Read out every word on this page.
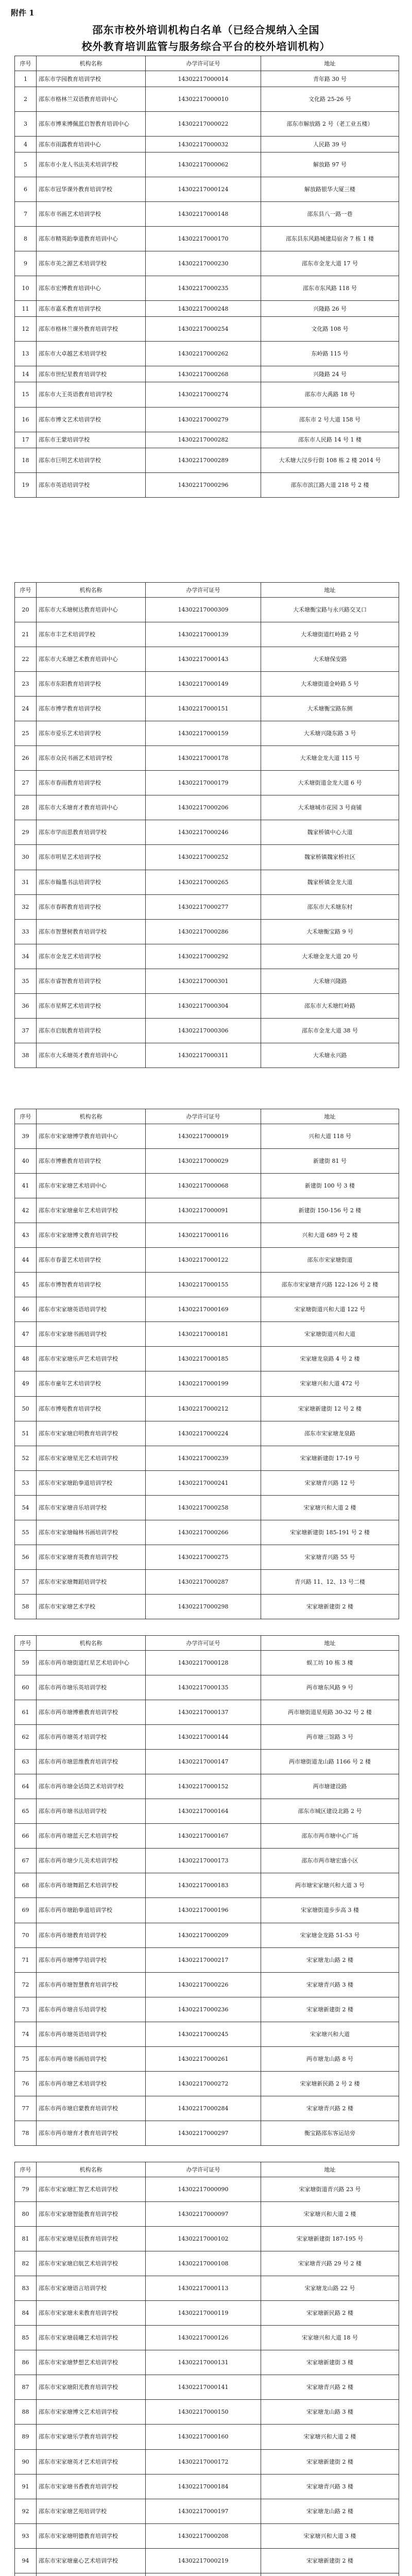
附件 1
邵东市校外培训机构白名单（已经合规纳入全国
校外教育培训监管与服务综合平台的校外培训机构）
序号	机构名称	办学许可证号	地址
1	邵东市学园教育培训学校	14302217000014	青年路 30 号
2	邵东市格林兰双语教育培训中心	14302217000010	文化路 25-26 号
3	邵东市博来博佩蓝启智教育培训中心	14302217000022	邵东市解放路 2 号（老工业五楼）
4	邵东市雨露教育培训中心	14302217000032	人民路 39 号
5	邵东市小龙人书法美术培训学校	14302217000062	解放路 97 号
6	邵东市冠华课外教育培训学校	14302217000124	解放路银华大厦三楼
7	邵东市书画艺术培训学校	14302217000148	邵东县八一路一巷
8	邵东市精英跆拳道教育培训中心	14302217000170	邵东县东风路城建局宿舍 7 栋 1 楼
9	邵东市美之源艺术培训学校	14302217000230	邵东市金龙大道 17 号
10	邵东市宏博教育培训中心	14302217000235	邵东市东风路 118 号
11	邵东市嘉禾教育培训学校	14302217000248	兴隆路 26 号
12	邵东市格林兰课外教育培训学校	14302217000254	文化路 108 号
13	邵东市大卓越艺术培训学校	14302217000262	东岭路 115 号
14	邵东市世纪星教育培训学校	14302217000268	兴隆路 24 号
15	邵东市大王英语教育培训学校	14302217000274	邵东市大禹路 18 号
16	邵东市博文艺术培训学校	14302217000279	邵东市 2 号大道 158 号
17	邵东市王蒙培训学校	14302217000282	邵东市人民路 14 号 1 楼
18	邵东市巨明艺术培训学校	14302217000289	大禾塘大汉步行街 108 栋 2 楼 2014 号
19	邵东市英语培训学校	14302217000296	邵东市滨江路大道 218 号 2 楼
序号	机构名称	办学许可证号	地址
20	邵东市大禾塘树达教育培训中心	14302217000309	大禾塘衡宝路与永兴路交叉口
21	邵东市丰艺术培训学校	14302217000139	大禾塘街道红岭路 2 号
22	邵东市大禾塘艺术教育培训中心	14302217000143	大禾塘保安路
23	邵东市东阳教育培训学校	14302217000149	大禾塘街道金岭路 5 号
24	邵东市博学教育培训学校	14302217000151	大禾塘衡宝路东侧
25	邵东市爱乐艺术培训学校	14302217000159	大禾塘兴隆东路 3 号
26	邵东市众民书画艺术培训学校	14302217000178	大禾塘金龙大道 115 号
27	邵东市春雨教育培训学校	14302217000179	大禾塘街道金龙大道 6 号
28	邵东市大禾塘育才教育培训中心	14302217000206	大禾塘城市花园 3 号商铺
29	邵东市学而思教育培训学校	14302217000246	魏家桥镇中心大道
30	邵东市明星艺术培训学校	14302217000252	魏家桥镇魏家桥社区
31	邵东市翰墨书法培训学校	14302217000265	魏家桥镇金龙大道
32	邵东市春晖教育培训学校	14302217000277	邵东市大禾塘东村
33	邵东市智慧树教育培训学校	14302217000286	大禾塘衡宝路 9 号
34	邵东市金龙艺术培训学校	14302217000292	大禾塘金龙大道 20 号
35	邵东市睿智教育培训学校	14302217000301	大禾塘兴隆路
36	邵东市星辉艺术培训学校	14302217000304	邵东市大禾塘红岭路
37	邵东市启航教育培训学校	14302217000306	邵东市金龙大道 38 号
38	邵东市大禾塘英才教育培训中心	14302217000311	大禾塘永兴路
序号	机构名称	办学许可证号	地址
39	邵东市宋家塘博学教育培训中心	14302217000019	兴和大道 118 号
40	邵东市博雅教育培训学校	14302217000029	新建街 81 号
41	邵东市宋家塘艺术培训中心	14302217000068	新建街 100 号 3 楼
42	邵东市宋家塘童年艺术培训学校	14302217000091	新建街 150-156 号 2 楼
43	邵东市宋家塘博文教育培训学校	14302217000116	兴和大道 689 号 2 楼
44	邵东市春蕾艺术培训学校	14302217000122	邵东市宋家塘街道
45	邵东市博智教育培训学校	14302217000155	邵东市宋家塘青兴路 122-126 号 2 楼
46	邵东市宋家塘英语培训学校	14302217000169	宋家塘街道兴和大道 122 号
47	邵东市宋家塘书画培训学校	14302217000181	宋家塘街道兴和大道
48	邵东市宋家塘乐声艺术培训学校	14302217000185	宋家塘龙泉路 4 号 2 楼
49	邵东市童年艺术培训学校	14302217000199	宋家塘兴和大道 472 号
50	邵东市博苑教育培训学校	14302217000212	宋家塘新建街 12 号 2 楼
51	邵东市宋家塘启明教育培训学校	14302217000224	邵东市宋家塘龙泉路
52	邵东市宋家塘星光艺术培训学校	14302217000239	宋家塘新建街 17-19 号
53	邵东市宋家塘跆拳道培训学校	14302217000241	宋家塘青兴路 12 号
54	邵东市宋家塘音乐培训学校	14302217000258	宋家塘兴和大道 2 楼
55	邵东市宋家塘翰林书画培训学校	14302217000266	宋家塘新建街 185-191 号 2 楼
56	邵东市宋家塘育英教育培训学校	14302217000275	宋家塘青兴路 55 号
57	邵东市宋家塘舞蹈培训学校	14302217000287	青兴路 11、12、13 号二楼
58	邵东市宋家塘艺术学校	14302217000298	宋家塘新建街 2 楼
序号	机构名称	办学许可证号	地址
59	邵东市两市塘街道红星艺术培训中心	14302217000128	蜈工坊 10 栋 3 楼
60	邵东市两市塘乐英培训学校	14302217000135	两市塘东风路 9 号
61	邵东市两市塘博雅教育培训学校	14302217000137	两市塘街道星苑路 30-32 号 2 楼
62	邵东市两市塘英才培训学校	14302217000144	两市塘三馆路 3 号
63	邵东市两市塘思维教育培训学校	14302217000147	两市塘街道龙山路 1166 号 2 楼
64	邵东市两市塘金话筒艺术培训学校	14302217000152	两市塘建设路
65	邵东市两市塘书法培训学校	14302217000164	邵东市城区建设北路 2 号
66	邵东市两市塘蓝天艺术培训学校	14302217000167	邵东市两市塘中心广场
67	邵东市两市塘少儿美术培训学校	14302217000173	邵东市两市塘宏盛小区
68	邵东市两市塘舞蹈艺术培训学校	14302217000183	两市塘宋家塘兴和大道 3 号
69	邵东市两市塘跆拳道培训学校	14302217000196	宋家塘街道步步高 3 楼
70	邵东市两市塘教育培训学校	14302217000209	宋家塘金龙路 51-53 号
71	邵东市两市塘博学培训学校	14302217000217	宋家塘龙山路 2 楼
72	邵东市两市塘智慧教育培训学校	14302217000226	宋家塘青兴路 3 楼
73	邵东市两市塘音乐培训学校	14302217000236	宋家塘新建街 2 楼
74	邵东市两市塘英语培训学校	14302217000245	宋家塘兴和大道
75	邵东市两市塘书画培训学校	14302217000261	两市塘龙山路 8 号
76	邵东市两市塘艺术培训学校	14302217000272	宋家塘新民路 2 号 2 楼
77	邵东市两市塘启蒙教育培训学校	14302217000284	宋家塘青兴路 2 楼
78	邵东市两市塘育才教育培训学校	14302217000297	衡宝路邵东客运站旁
序号	机构名称	办学许可证号	地址
79	邵东市宋家塘汇智艺术培训学校	14302217000090	宋家塘街道青兴路 23 号
80	邵东市宋家塘智能教育培训学校	14302217000097	宋家塘兴和大道 2 楼
81	邵东市宋家塘星辰教育培训学校	14302217000102	宋家塘新建街 187-195 号
82	邵东市宋家塘启航艺术培训学校	14302217000108	宋家塘青兴路 29 号 2 楼
83	邵东市宋家塘语言培训学校	14302217000113	宋家塘龙山路 22 号
84	邵东市宋家塘未来教育培训学校	14302217000119	宋家塘新民路 2 楼
85	邵东市宋家塘晨曦艺术培训学校	14302217000126	宋家塘兴和大道 18 号
86	邵东市宋家塘梦想艺术培训学校	14302217000131	宋家塘新建街 3 楼
87	邵东市宋家塘阳光教育培训学校	14302217000141	宋家塘青兴路 2 楼
88	邵东市宋家塘博文艺术培训学校	14302217000150	宋家塘龙山路 3 楼
89	邵东市宋家塘乐学教育培训学校	14302217000160	宋家塘兴和大道 2 楼
90	邵东市宋家塘英才艺术培训学校	14302217000172	宋家塘新建街 2 楼
91	邵东市宋家塘书香教育培训学校	14302217000184	宋家塘青兴路 3 楼
92	邵东市宋家塘艺苑培训学校	14302217000197	宋家塘龙山路 2 楼
93	邵东市宋家塘明德教育培训学校	14302217000208	宋家塘兴和大道 3 楼
94	邵东市宋家塘童心艺术培训学校	14302217000219	宋家塘新建街 2 楼
